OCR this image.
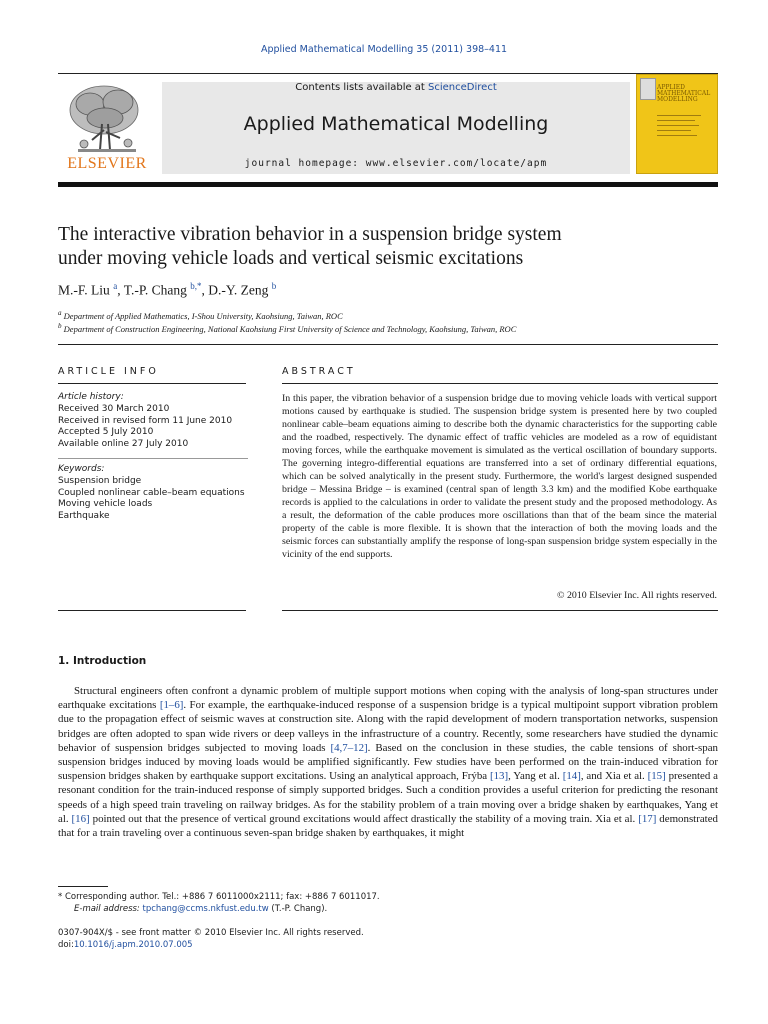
Applied Mathematical Modelling 35 (2011) 398–411
ELSEVIER
Contents lists available at ScienceDirect
Applied Mathematical Modelling
journal homepage: www.elsevier.com/locate/apm
APPLIED MATHEMATICAL MODELLING
The interactive vibration behavior in a suspension bridge system
under moving vehicle loads and vertical seismic excitations
M.-F. Liu $^a$, T.-P. Chang $^{b,*}$, D.-Y. Zeng $^b$
$^a$ Department of Applied Mathematics, I-Shou University, Kaohsiung, Taiwan, ROC
$^b$ Department of Construction Engineering, National Kaohsiung First University of Science and Technology, Kaohsiung, Taiwan, ROC
ARTICLE INFO	ABSTRACT
Article history:
Received 30 March 2010
Received in revised form 11 June 2010
Accepted 5 July 2010
Available online 27 July 2010
Keywords:
Suspension bridge
Coupled nonlinear cable–beam equations
Moving vehicle loads
Earthquake
In this paper, the vibration behavior of a suspension bridge due to moving vehicle loads with vertical support motions caused by earthquake is studied. The suspension bridge system is presented here by two coupled nonlinear cable–beam equations aiming to describe both the dynamic characteristics for the supporting cable and the roadbed, respectively. The dynamic effect of traffic vehicles are modeled as a row of equidistant moving forces, while the earthquake movement is simulated as the vertical oscillation of boundary supports. The governing integro-differential equations are transferred into a set of ordinary differential equations, which can be solved analytically in the present study. Furthermore, the world's largest designed suspended bridge – Messina Bridge – is examined (central span of length 3.3 km) and the modified Kobe earthquake records is applied to the calculations in order to validate the present study and the proposed methodology. As a result, the deformation of the cable produces more oscillations than that of the beam since the material property of the cable is more flexible. It is shown that the interaction of both the moving loads and the seismic forces can substantially amplify the response of long-span suspension bridge system especially in the vicinity of the end supports.
© 2010 Elsevier Inc. All rights reserved.
1. Introduction

Structural engineers often confront a dynamic problem of multiple support motions when coping with the analysis of long-span structures under earthquake excitations [1–6]. For example, the earthquake-induced response of a suspension bridge is a typical multipoint support vibration problem due to the propagation effect of seismic waves at construction site. Along with the rapid development of modern transportation networks, suspension bridges are often adopted to span wide rivers or deep valleys in the infrastructure of a country. Recently, some researchers have studied the dynamic behavior of suspension bridges subjected to moving loads [4,7–12]. Based on the conclusion in these studies, the cable tensions of short-span suspension bridges induced by moving loads would be amplified significantly. Few studies have been performed on the train-induced vibration for suspension bridges shaken by earthquake support excitations. Using an analytical approach, Frýba [13], Yang et al. [14], and Xia et al. [15] presented a resonant condition for the train-induced response of simply supported bridges. Such a condition provides a useful criterion for predicting the resonant speeds of a high speed train traveling on railway bridges. As for the stability problem of a train moving over a bridge shaken by earthquakes, Yang et al. [16] pointed out that the presence of vertical ground excitations would affect drastically the stability of a moving train. Xia et al. [17] demonstrated that for a train traveling over a continuous seven-span bridge shaken by earthquakes, it might

* Corresponding author. Tel.: +886 7 6011000x2111; fax: +886 7 6011017.
E-mail address: tpchang@ccms.nkfust.edu.tw (T.-P. Chang).
0307-904X/$ - see front matter © 2010 Elsevier Inc. All rights reserved.
doi:10.1016/j.apm.2010.07.005
